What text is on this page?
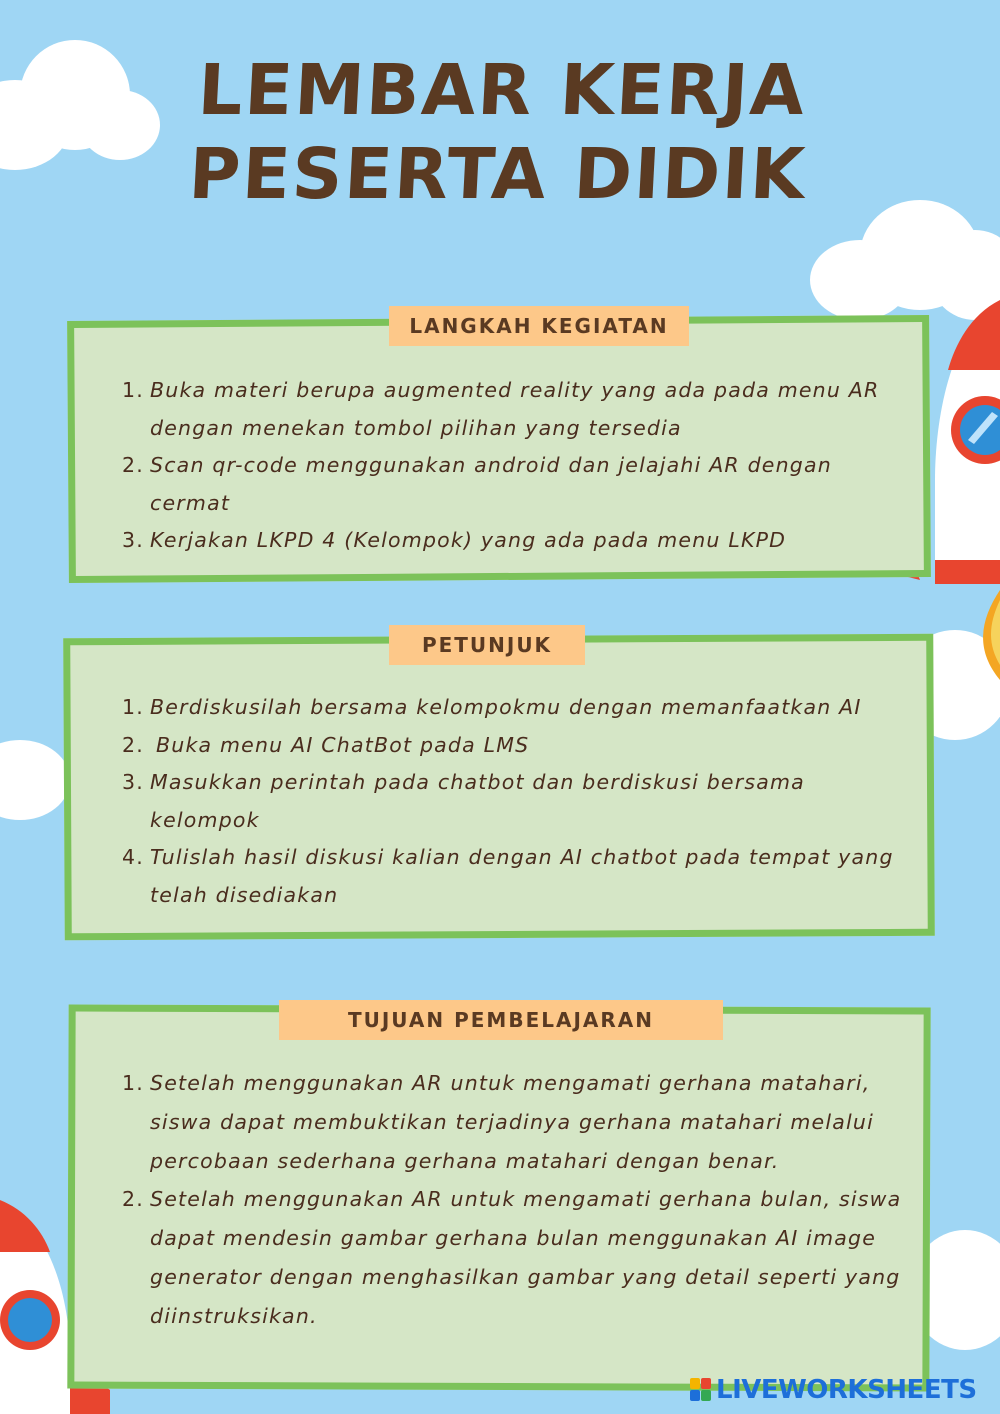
LEMBAR KERJA
PESERTA DIDIK
LANGKAH KEGIATAN
1. Buka materi berupa augmented reality yang ada pada menu AR dengan menekan tombol pilihan yang tersedia
2. Scan qr-code menggunakan android dan jelajahi AR dengan cermat
3. Kerjakan LKPD 4 (Kelompok) yang ada pada menu LKPD
PETUNJUK
1. Berdiskusilah bersama kelompokmu dengan memanfaatkan AI
2. Buka menu AI ChatBot pada LMS
3. Masukkan perintah pada chatbot dan berdiskusi bersama kelompok
4. Tulislah hasil diskusi kalian dengan AI chatbot pada tempat yang telah disediakan
TUJUAN PEMBELAJARAN
1. Setelah menggunakan AR untuk mengamati gerhana matahari, siswa dapat membuktikan terjadinya gerhana matahari melalui percobaan sederhana gerhana matahari dengan benar.
2. Setelah menggunakan AR untuk mengamati gerhana bulan, siswa dapat mendesin gambar gerhana bulan menggunakan AI image generator dengan menghasilkan gambar yang detail seperti yang diinstruksikan.
LIVEWORKSHEETS
